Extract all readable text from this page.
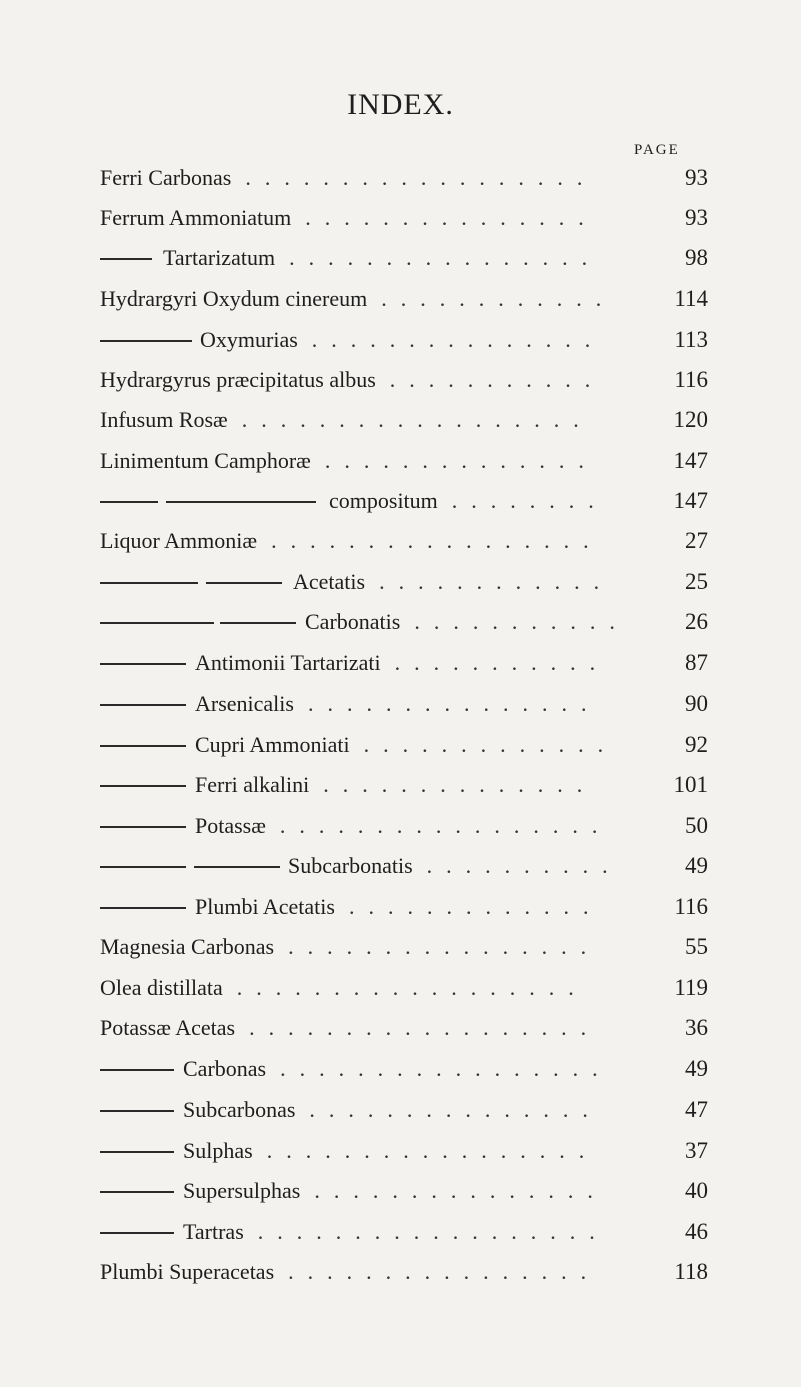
INDEX.
PAGE
Ferri Carbonas ..................	93
Ferrum Ammoniatum ...............	93
Tartarizatum ................	98
Hydrargyri Oxydum cinereum ............	114
Oxymurias ...............	113
Hydrargyrus præcipitatus albus ...........	116
Infusum Rosæ ..................	120
Linimentum Camphoræ ..............	147
compositum ........	147
Liquor Ammoniæ .................	27
Acetatis ............	25
Carbonatis ........... 26
Antimonii Tartarizati ...........	87
Arsenicalis ...............	90
Cupri Ammoniati .............	92
Ferri alkalini ..............	101
Potassæ .................	50
Subcarbonatis ..........	49
Plumbi Acetatis .............	116
Magnesia Carbonas ................	55
Olea distillata ..................	119
Potassæ Acetas ..................	36
Carbonas .................	49
Subcarbonas ...............	47
Sulphas .................	37
Supersulphas ...............	40
Tartras ..................	46
Plumbi Superacetas ................	118
